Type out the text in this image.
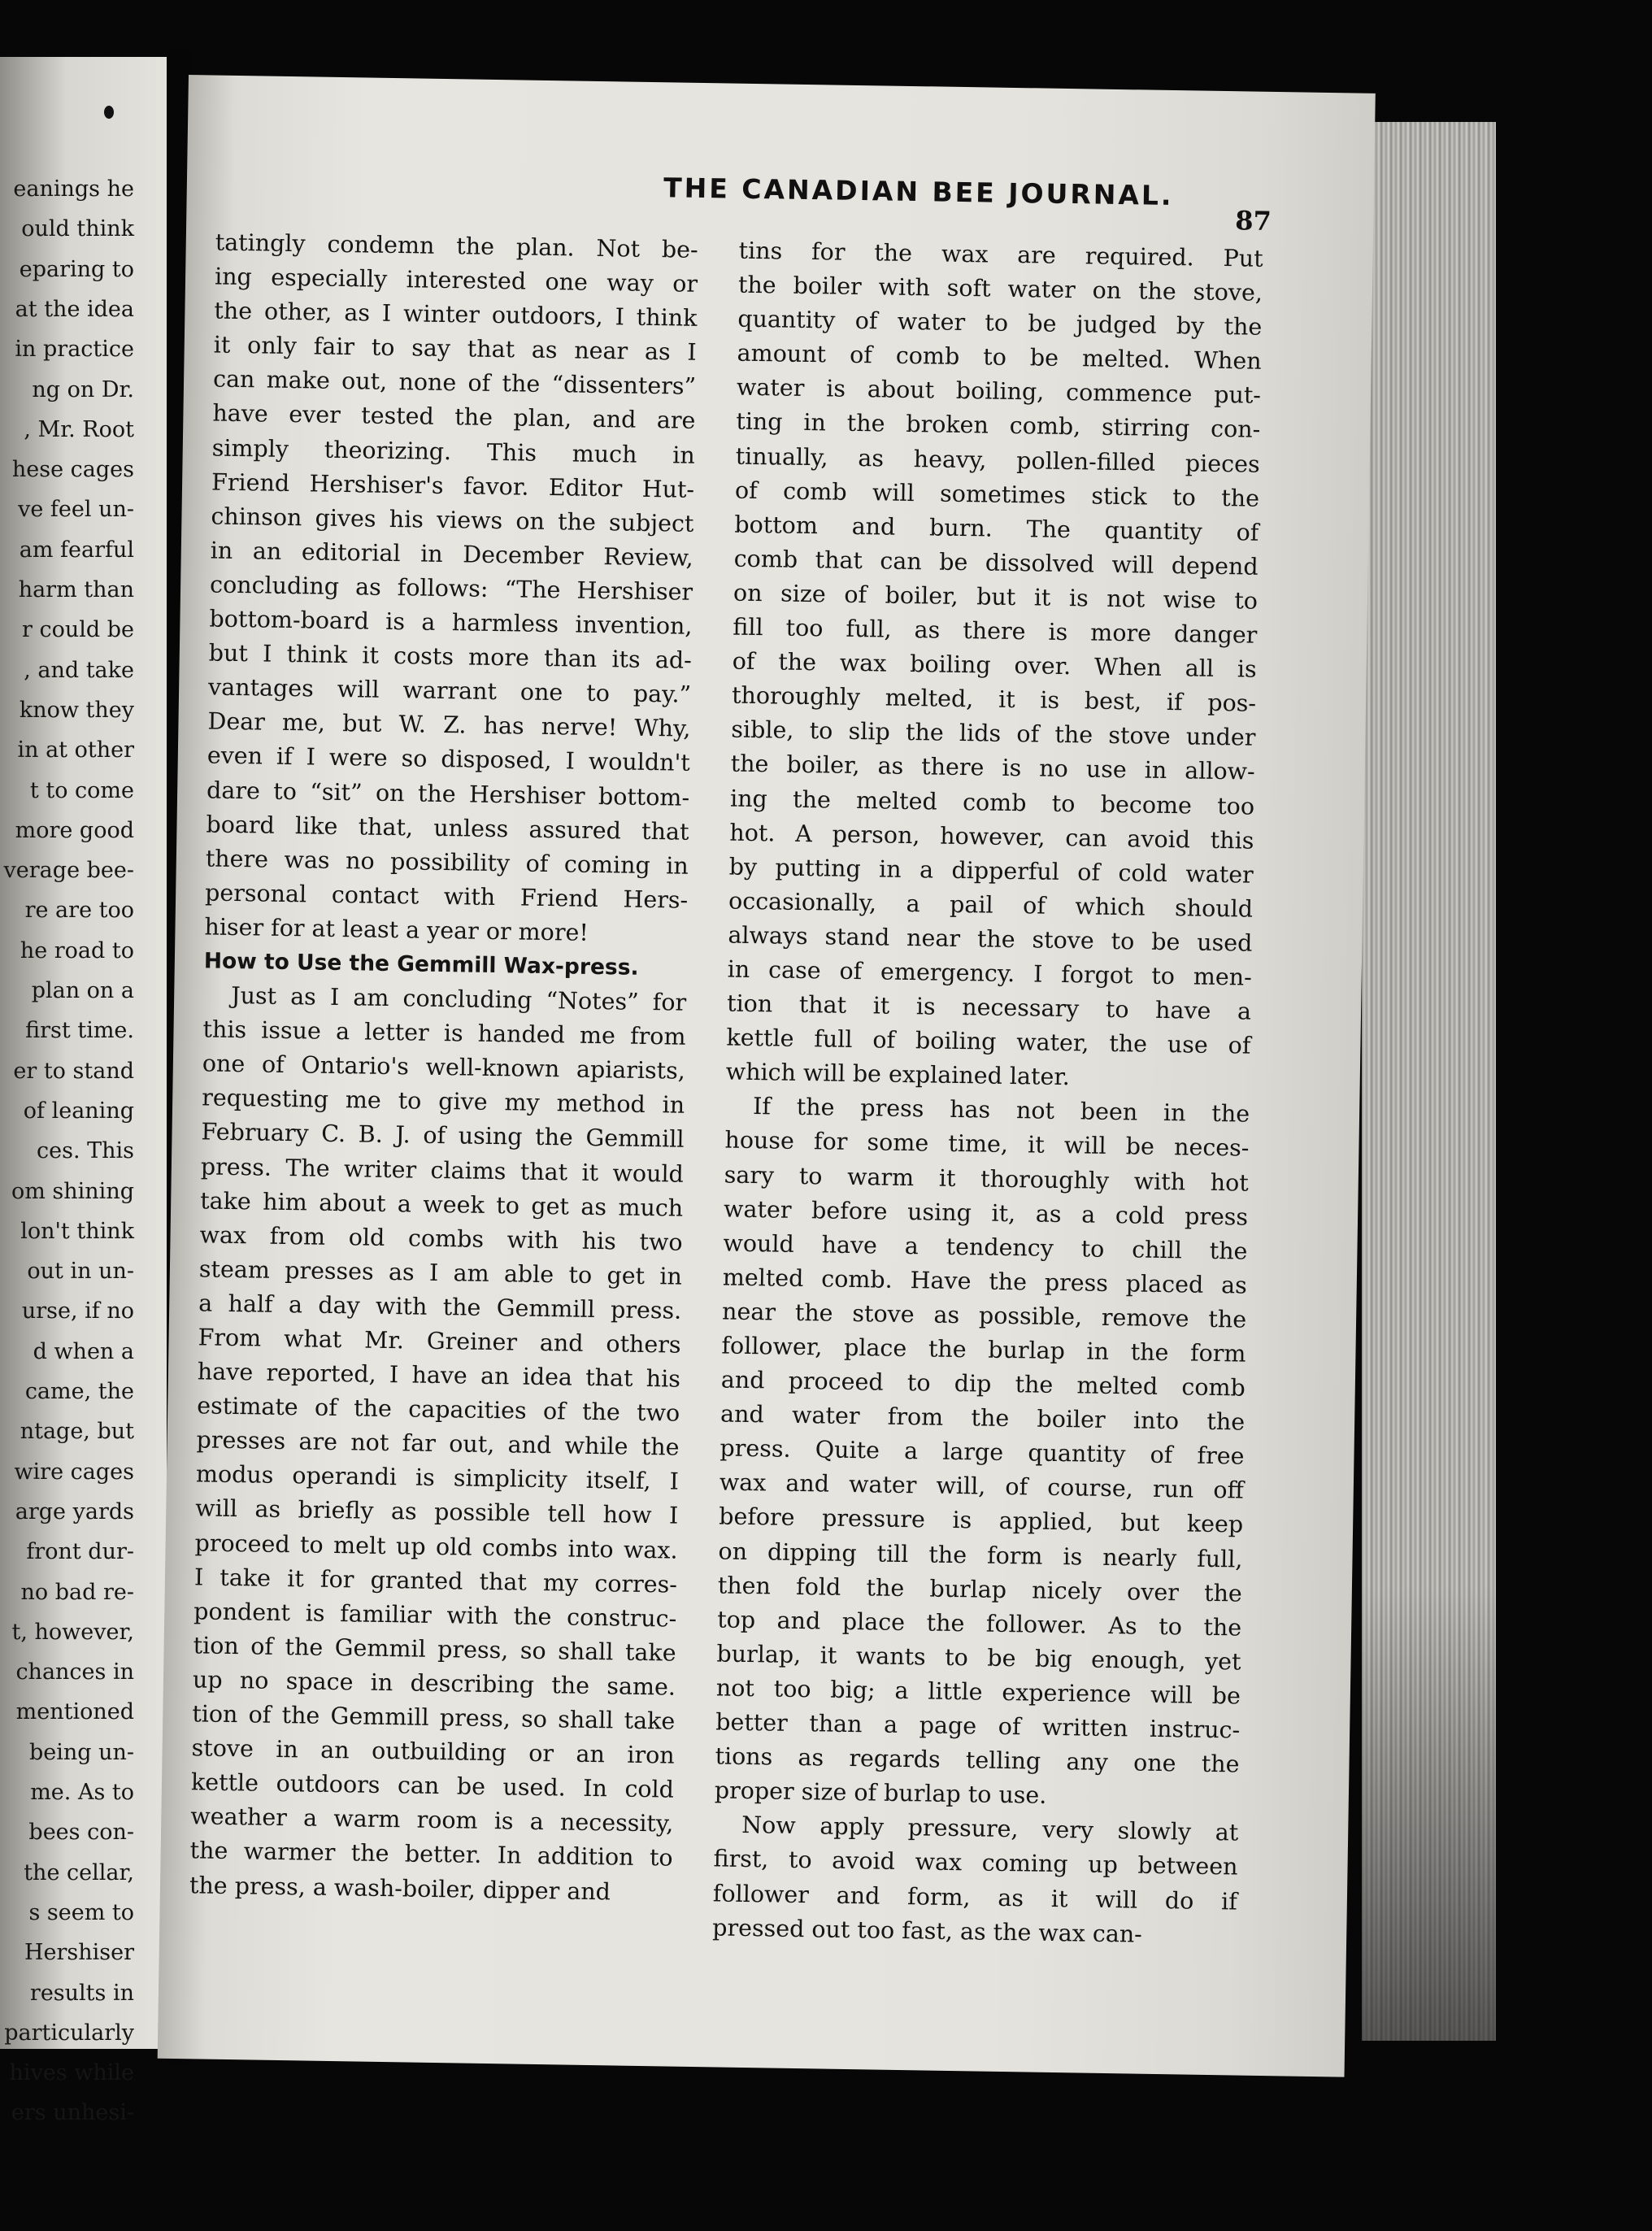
eanings he
ould think
eparing to
at the idea
in practice
ng on Dr.
, Mr. Root
hese cages
ve feel un-
am fearful
harm than
r could be
, and take
know they
in at other
t to come
more good
verage bee-
re are too
he road to
plan on a
first time.
er to stand
of leaning
ces. This
om shining
lon't think
out in un-
urse, if no
d when a
came, the
ntage, but
wire cages
arge yards
front dur-
no bad re-
t, however,
chances in
mentioned
being un-
me. As to
bees con-
the cellar,
s seem to
Hershiser
results in
particularly
hives while
ers unhesi-
THE CANADIAN BEE JOURNAL.
87
tatingly condemn the plan. Not be-
ing especially interested one way or
the other, as I winter outdoors, I think
it only fair to say that as near as I
can make out, none of the “dissenters”
have ever tested the plan, and are
simply theorizing. This much in
Friend Hershiser's favor. Editor Hut-
chinson gives his views on the subject
in an editorial in December Review,
concluding as follows: “The Hershiser
bottom-board is a harmless invention,
but I think it costs more than its ad-
vantages will warrant one to pay.”
Dear me, but W. Z. has nerve! Why,
even if I were so disposed, I wouldn't
dare to “sit” on the Hershiser bottom-
board like that, unless assured that
there was no possibility of coming in
personal contact with Friend Hers-
hiser for at least a year or more!
How to Use the Gemmill Wax-press.
Just as I am concluding “Notes” for
this issue a letter is handed me from
one of Ontario's well-known apiarists,
requesting me to give my method in
February C. B. J. of using the Gemmill
press. The writer claims that it would
take him about a week to get as much
wax from old combs with his two
steam presses as I am able to get in
a half a day with the Gemmill press.
From what Mr. Greiner and others
have reported, I have an idea that his
estimate of the capacities of the two
presses are not far out, and while the
modus operandi is simplicity itself, I
will as briefly as possible tell how I
proceed to melt up old combs into wax.
I take it for granted that my corres-
pondent is familiar with the construc-
tion of the Gemmil press, so shall take
up no space in describing the same.
tion of the Gemmill press, so shall take
stove in an outbuilding or an iron
kettle outdoors can be used. In cold
weather a warm room is a necessity,
the warmer the better. In addition to
the press, a wash-boiler, dipper and
tins for the wax are required. Put
the boiler with soft water on the stove,
quantity of water to be judged by the
amount of comb to be melted. When
water is about boiling, commence put-
ting in the broken comb, stirring con-
tinually, as heavy, pollen-filled pieces
of comb will sometimes stick to the
bottom and burn. The quantity of
comb that can be dissolved will depend
on size of boiler, but it is not wise to
fill too full, as there is more danger
of the wax boiling over. When all is
thoroughly melted, it is best, if pos-
sible, to slip the lids of the stove under
the boiler, as there is no use in allow-
ing the melted comb to become too
hot. A person, however, can avoid this
by putting in a dipperful of cold water
occasionally, a pail of which should
always stand near the stove to be used
in case of emergency. I forgot to men-
tion that it is necessary to have a
kettle full of boiling water, the use of
which will be explained later.
If the press has not been in the
house for some time, it will be neces-
sary to warm it thoroughly with hot
water before using it, as a cold press
would have a tendency to chill the
melted comb. Have the press placed as
near the stove as possible, remove the
follower, place the burlap in the form
and proceed to dip the melted comb
and water from the boiler into the
press. Quite a large quantity of free
wax and water will, of course, run off
before pressure is applied, but keep
on dipping till the form is nearly full,
then fold the burlap nicely over the
top and place the follower. As to the
burlap, it wants to be big enough, yet
not too big; a little experience will be
better than a page of written instruc-
tions as regards telling any one the
proper size of burlap to use.
Now apply pressure, very slowly at
first, to avoid wax coming up between
follower and form, as it will do if
pressed out too fast, as the wax can-
